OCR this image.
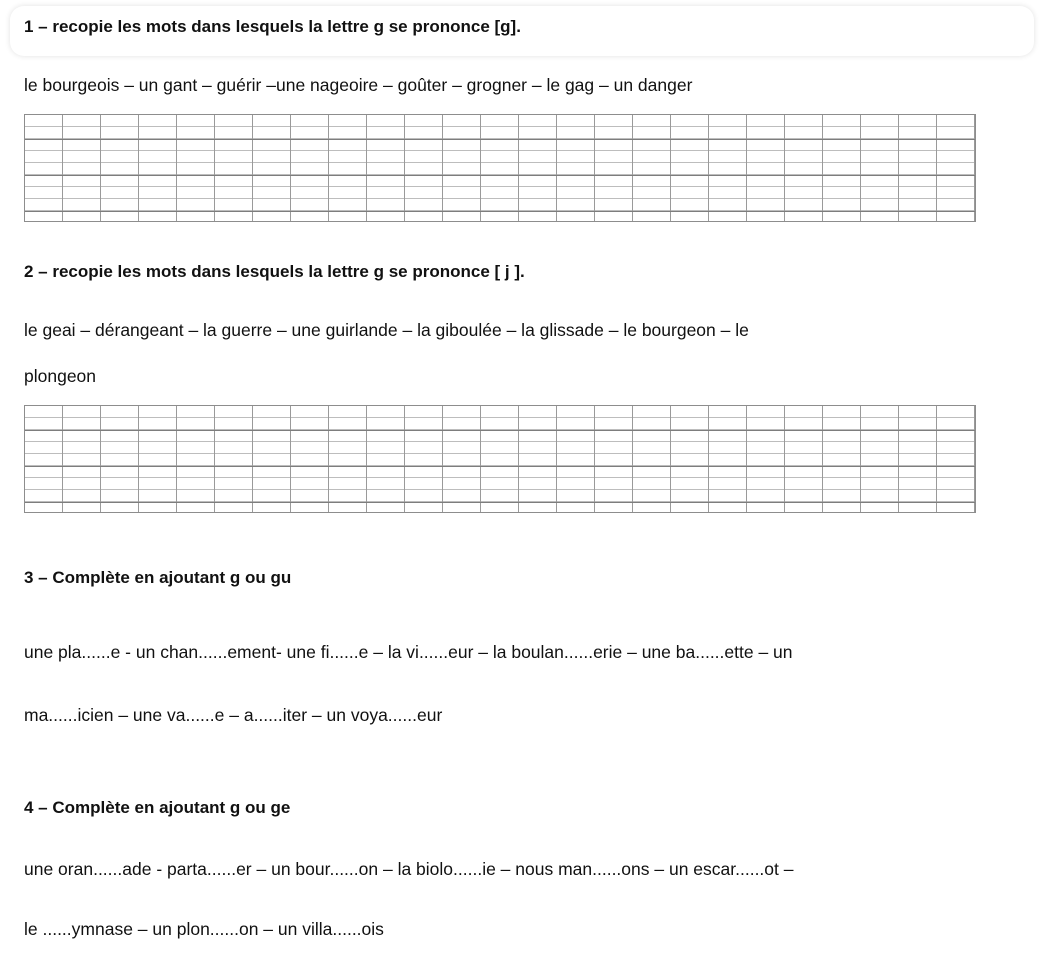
1 – recopie les mots dans lesquels la lettre g se prononce [g].
le bourgeois – un gant – guérir –une nageoire – goûter – grogner – le gag – un danger
2 – recopie les mots dans lesquels la lettre g se prononce [ j ].
le geai – dérangeant – la guerre – une guirlande – la giboulée – la glissade – le bourgeon – le
plongeon
3 – Complète en ajoutant g ou gu
une pla......e - un chan......ement- une fi......e – la vi......eur – la boulan......erie – une ba......ette – un
ma......icien – une va......e – a......iter – un voya......eur
4 – Complète en ajoutant g ou ge
une oran......ade - parta......er – un bour......on – la biolo......ie – nous man......ons – un escar......ot –
le ......ymnase – un plon......on – un villa......ois
